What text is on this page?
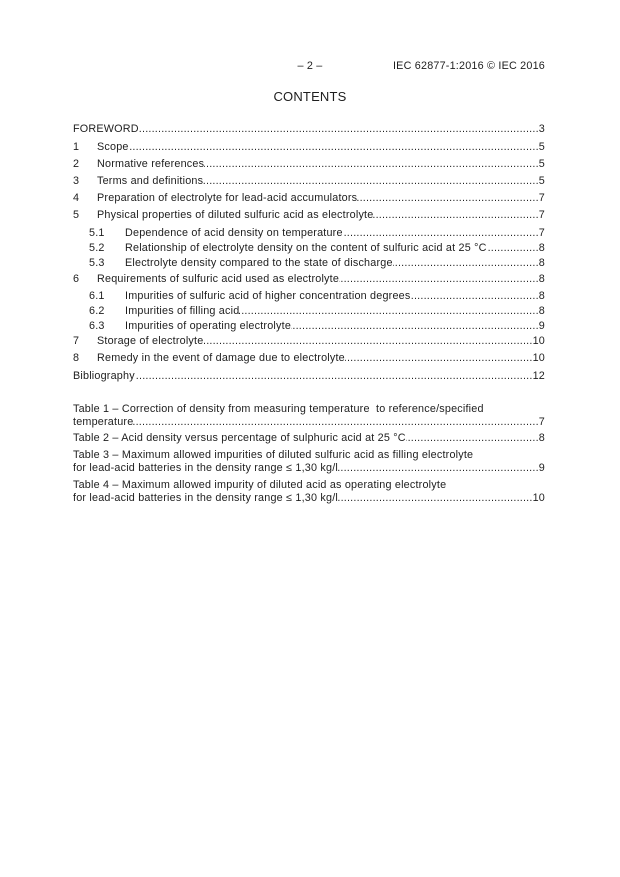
– 2 –	IEC 62877-1:2016 © IEC 2016
CONTENTS
FOREWORD .....	3
1	Scope .....	5
2	Normative references .....	5
3	Terms and definitions .....	5
4	Preparation of electrolyte for lead-acid accumulators .....	7
5	Physical properties of diluted sulfuric acid as electrolyte .....	7
5.1	Dependence of acid density on temperature .....	7
5.2	Relationship of electrolyte density on the content of sulfuric acid at 25 °C .....	8
5.3	Electrolyte density compared to the state of discharge .....	8
6	Requirements of sulfuric acid used as electrolyte .....	8
6.1	Impurities of sulfuric acid of higher concentration degrees .....	8
6.2	Impurities of filling acid .....	8
6.3	Impurities of operating electrolyte .....	9
7	Storage of electrolyte .....	10
8	Remedy in the event of damage due to electrolyte .....	10
Bibliography .....	12
Table 1 – Correction of density from measuring temperature  to reference/specified
temperature .....	7
Table 2 – Acid density versus percentage of sulphuric acid at 25 °C .....	8
Table 3 – Maximum allowed impurities of diluted sulfuric acid as filling electrolyte
for lead-acid batteries in the density range ≤ 1,30 kg/l .....	9
Table 4 – Maximum allowed impurity of diluted acid as operating electrolyte
for lead-acid batteries in the density range ≤ 1,30 kg/l .....	10
